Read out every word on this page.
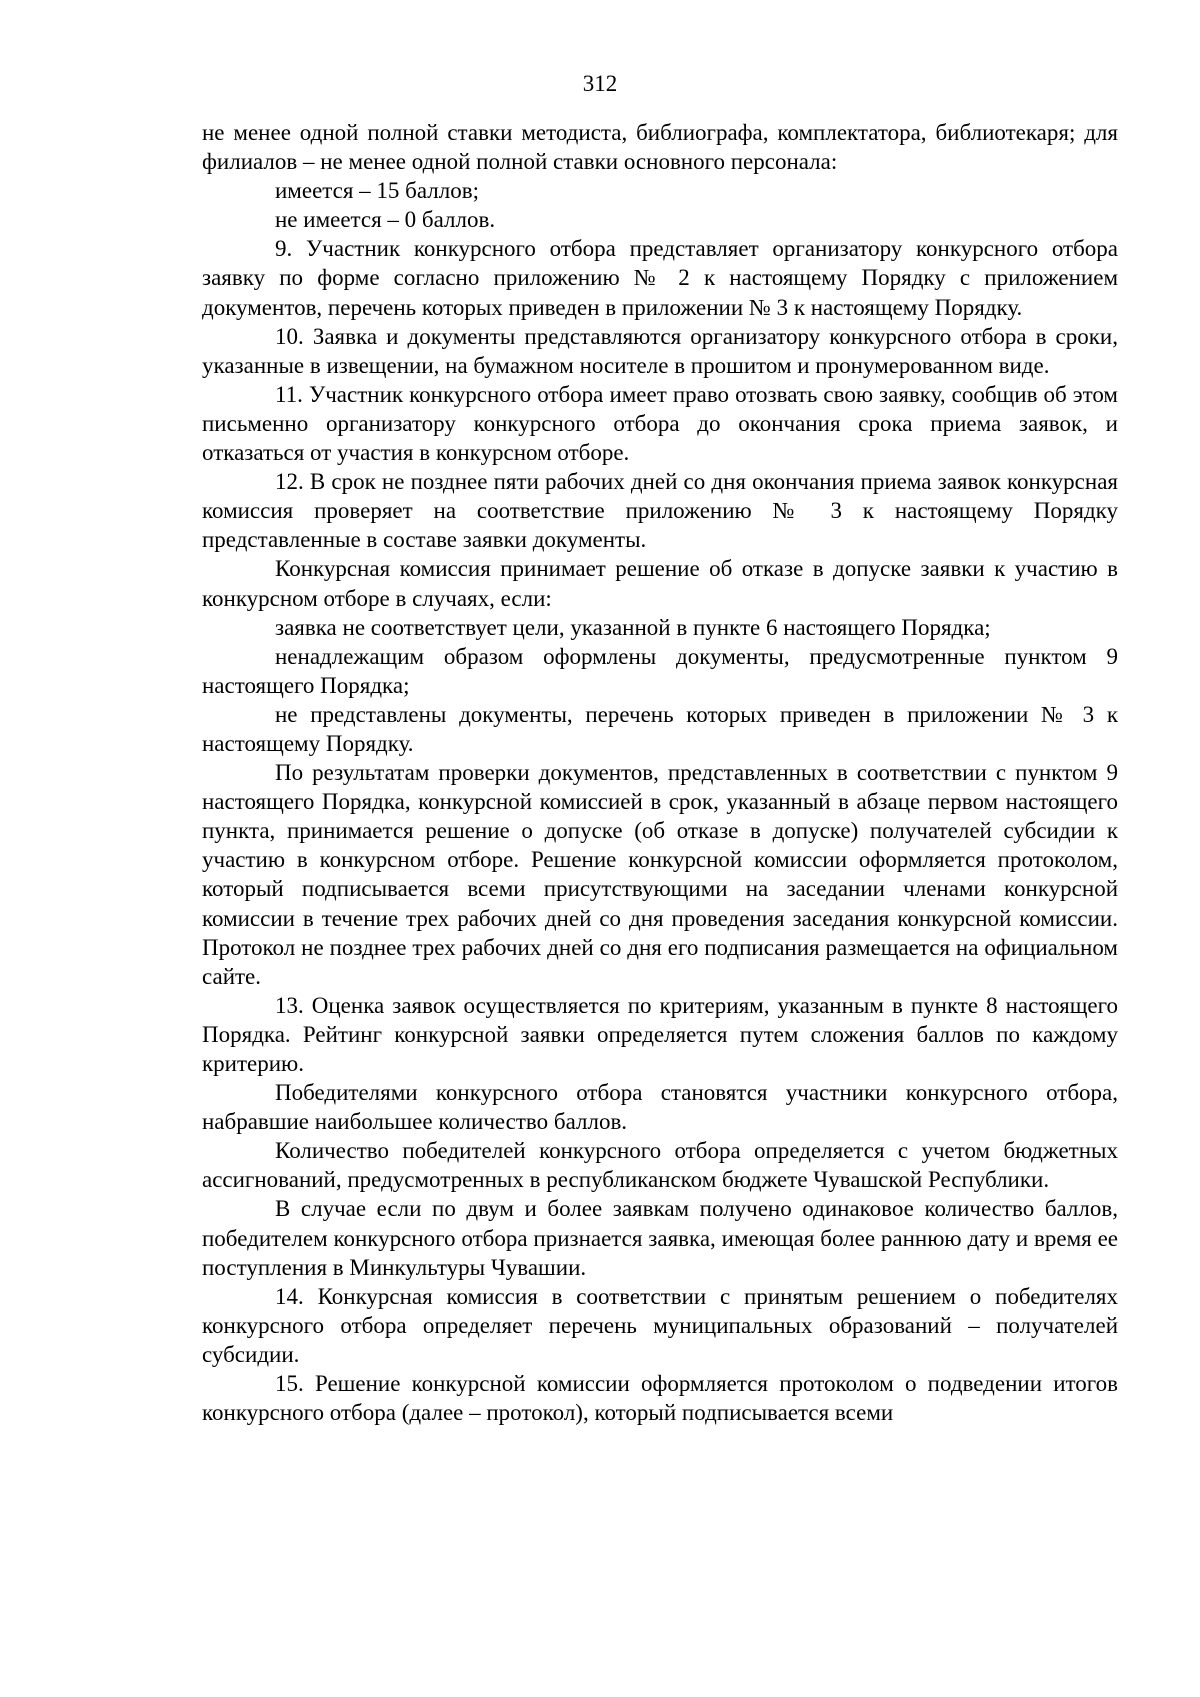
312

не менее одной полной ставки методиста, библиографа, комплектатора, библиотекаря; для филиалов – не менее одной полной ставки основного персонала:

имеется – 15 баллов;

не имеется – 0 баллов.

9. Участник конкурсного отбора представляет организатору конкурсного отбора заявку по форме согласно приложению № 2 к настоящему Порядку с приложением документов, перечень которых приведен в приложении № 3 к настоящему Порядку.

10. Заявка и документы представляются организатору конкурсного отбора в сроки, указанные в извещении, на бумажном носителе в прошитом и пронумерованном виде.

11. Участник конкурсного отбора имеет право отозвать свою заявку, сообщив об этом письменно организатору конкурсного отбора до окончания срока приема заявок, и отказаться от участия в конкурсном отборе.

12. В срок не позднее пяти рабочих дней со дня окончания приема заявок конкурсная комиссия проверяет на соответствие приложению № 3 к настоящему Порядку представленные в составе заявки документы.

Конкурсная комиссия принимает решение об отказе в допуске заявки к участию в конкурсном отборе в случаях, если:

заявка не соответствует цели, указанной в пункте 6 настоящего Порядка;

ненадлежащим образом оформлены документы, предусмотренные пунктом 9 настоящего Порядка;

не представлены документы, перечень которых приведен в приложении № 3 к настоящему Порядку.

По результатам проверки документов, представленных в соответствии с пунктом 9 настоящего Порядка, конкурсной комиссией в срок, указанный в абзаце первом настоящего пункта, принимается решение о допуске (об отказе в допуске) получателей субсидии к участию в конкурсном отборе. Решение конкурсной комиссии оформляется протоколом, который подписывается всеми присутствующими на заседании членами конкурсной комиссии в течение трех рабочих дней со дня проведения заседания конкурсной комиссии. Протокол не позднее трех рабочих дней со дня его подписания размещается на официальном сайте.

13. Оценка заявок осуществляется по критериям, указанным в пункте 8 настоящего Порядка. Рейтинг конкурсной заявки определяется путем сложения баллов по каждому критерию.

Победителями конкурсного отбора становятся участники конкурсного отбора, набравшие наибольшее количество баллов.

Количество победителей конкурсного отбора определяется с учетом бюджетных ассигнований, предусмотренных в республиканском бюджете Чувашской Республики.

В случае если по двум и более заявкам получено одинаковое количество баллов, победителем конкурсного отбора признается заявка, имеющая более раннюю дату и время ее поступления в Минкультуры Чувашии.

14. Конкурсная комиссия в соответствии с принятым решением о победителях конкурсного отбора определяет перечень муниципальных образований – получателей субсидии.

15. Решение конкурсной комиссии оформляется протоколом о подведении итогов конкурсного отбора (далее – протокол), который подписывается всеми
